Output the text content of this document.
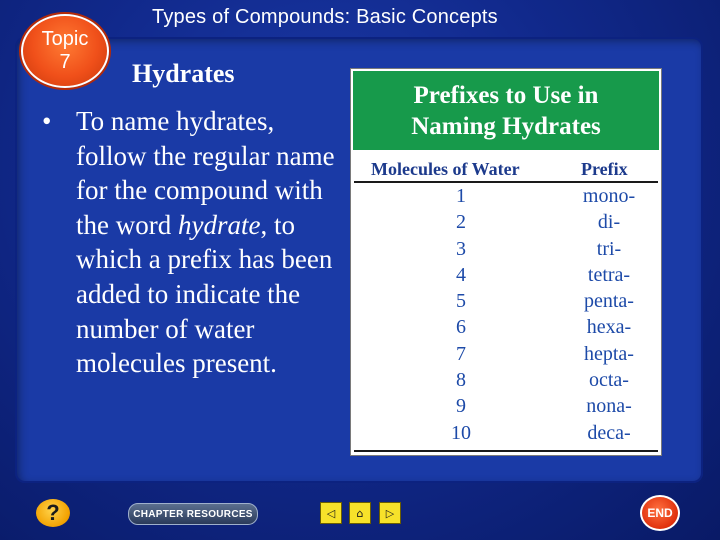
Types of Compounds: Basic Concepts
Topic
7	Hydrates
• To name hydrates, follow the regular name for the compound with the word hydrate, to which a prefix has been added to indicate the number of water molecules present.
Prefixes to Use in
Naming Hydrates
Molecules of Water	Prefix
1	mono-
2	di-
3	tri-
4	tetra-
5	penta-
6	hexa-
7	hepta-
8	octa-
9	nona-
10	deca-
?	CHAPTER RESOURCES	◁	⌂	▷	END
